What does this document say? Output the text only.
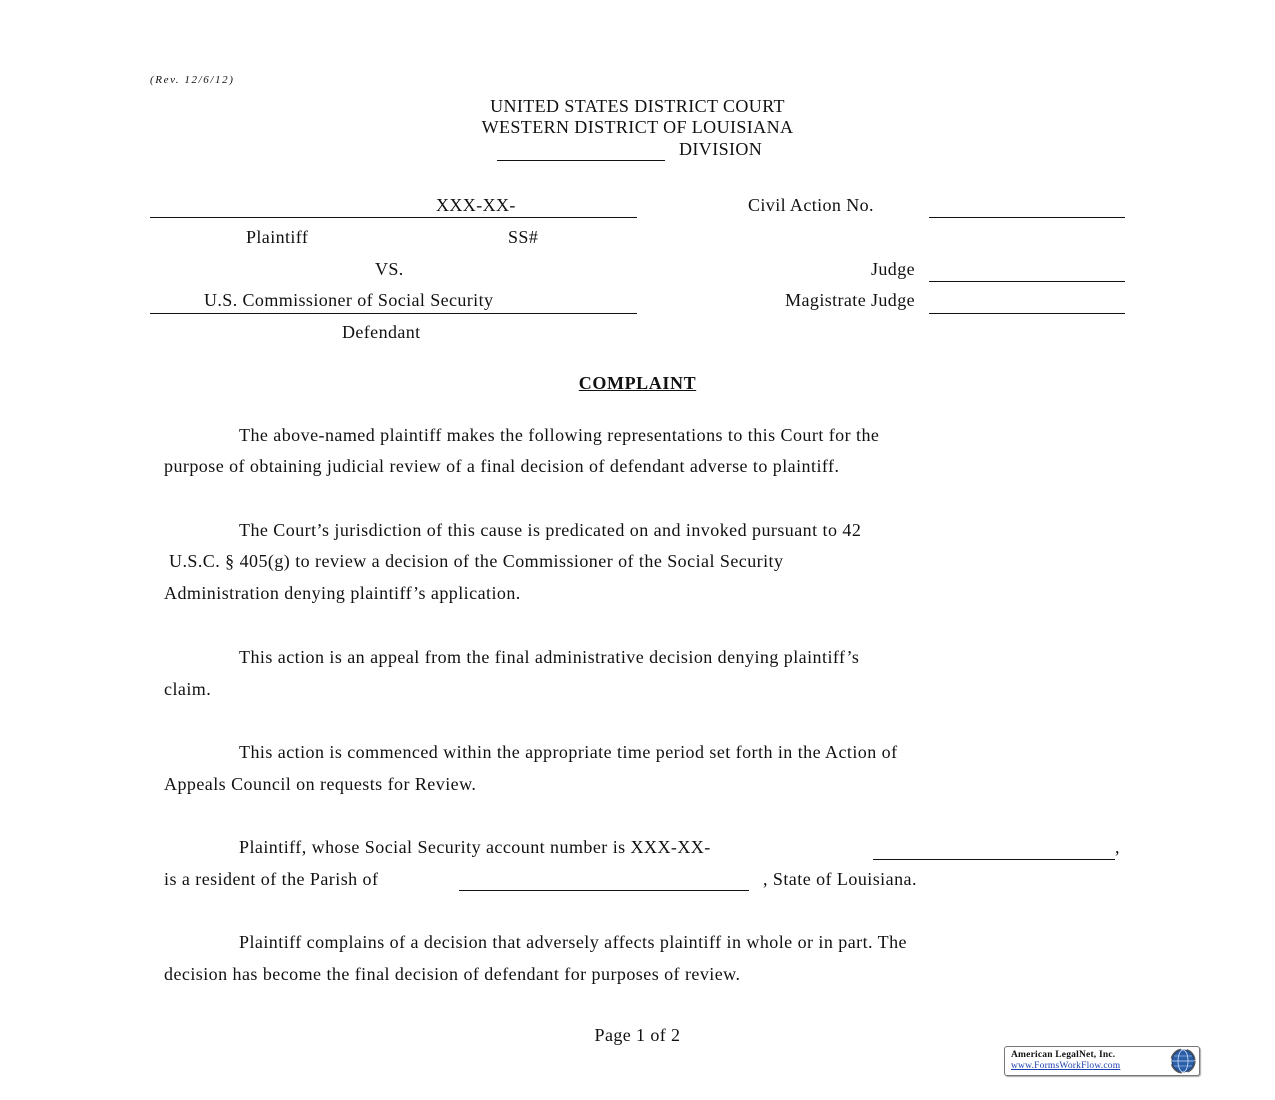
(Rev. 12/6/12)
UNITED STATES DISTRICT COURT
WESTERN DISTRICT OF LOUISIANA
DIVISION
XXX-XX-
Plaintiff	SS#
VS.
U.S. Commissioner of Social Security
Defendant
Civil Action No.
Judge
Magistrate Judge
COMPLAINT
The above-named plaintiff makes the following representations to this Court for the
purpose of obtaining judicial review of a final decision of defendant adverse to plaintiff.
The Court’s jurisdiction of this cause is predicated on and invoked pursuant to 42
U.S.C. § 405(g) to review a decision of the Commissioner of the Social Security
Administration denying plaintiff’s application.
This action is an appeal from the final administrative decision denying plaintiff’s
claim.
This action is commenced within the appropriate time period set forth in the Action of
Appeals Council on requests for Review.
Plaintiff, whose Social Security account number is XXX-XX-	,
is a resident of the Parish of	, State of Louisiana.
Plaintiff complains of a decision that adversely affects plaintiff in whole or in part. The
decision has become the final decision of defendant for purposes of review.
Page 1 of 2
American LegalNet, Inc.
www.FormsWorkFlow.com
